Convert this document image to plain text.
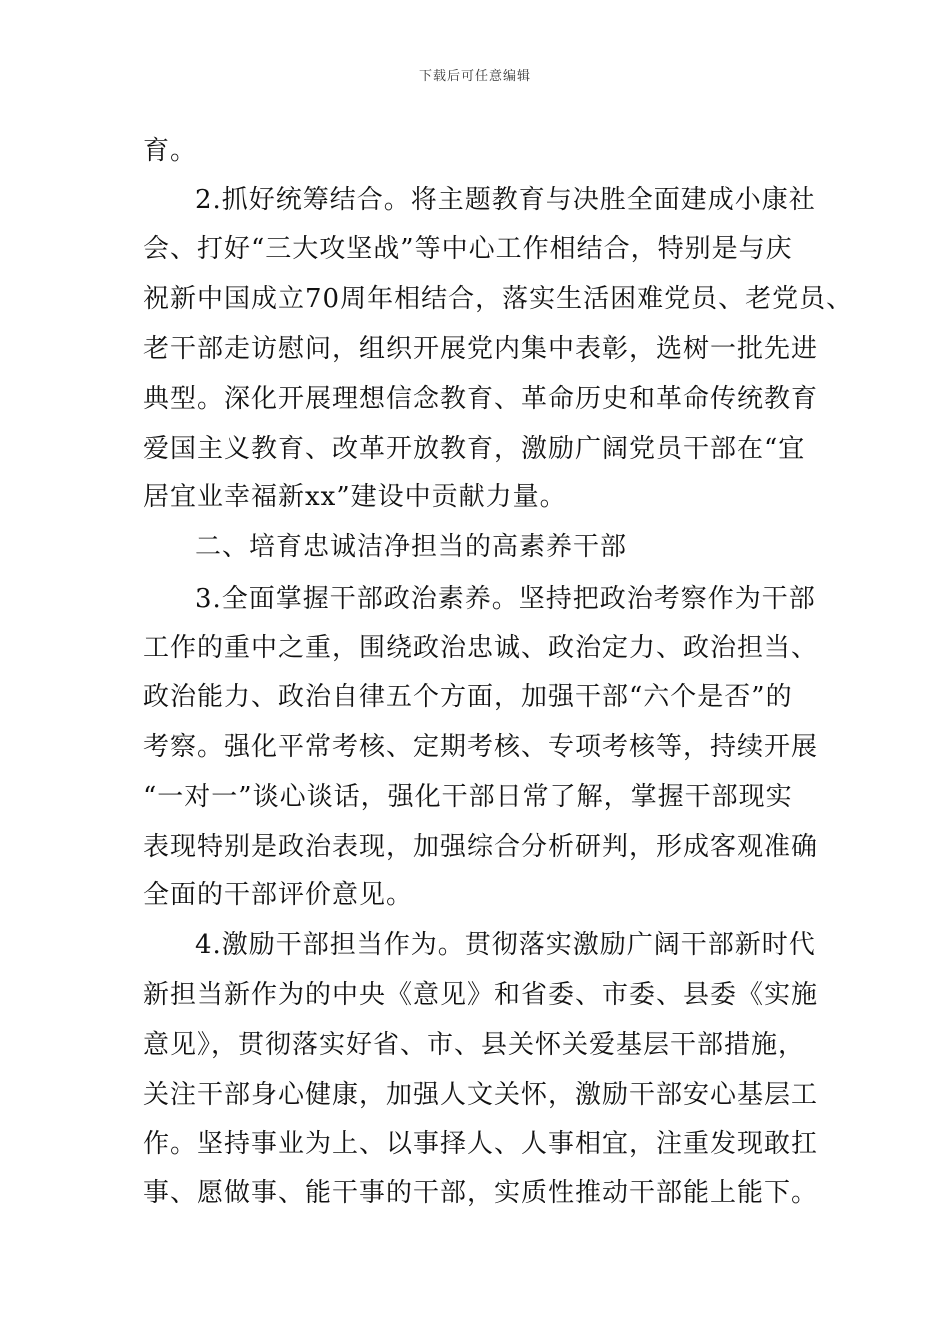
下载后可任意编辑
育。
2.抓好统筹结合。将主题教育与决胜全面建成小康社
会、打好“三大攻坚战”等中心工作相结合，特别是与庆
祝新中国成立70周年相结合，落实生活困难党员、老党员、
老干部走访慰问，组织开展党内集中表彰，选树一批先进
典型。深化开展理想信念教育、革命历史和革命传统教育
爱国主义教育、改革开放教育，激励广阔党员干部在“宜
居宜业幸福新xx”建设中贡献力量。
二、培育忠诚洁净担当的高素养干部
3.全面掌握干部政治素养。坚持把政治考察作为干部
工作的重中之重，围绕政治忠诚、政治定力、政治担当、
政治能力、政治自律五个方面，加强干部“六个是否”的
考察。强化平常考核、定期考核、专项考核等，持续开展
“一对一”谈心谈话，强化干部日常了解，掌握干部现实
表现特别是政治表现，加强综合分析研判，形成客观准确
全面的干部评价意见。
4.激励干部担当作为。贯彻落实激励广阔干部新时代
新担当新作为的中央《意见》和省委、市委、县委《实施
意见》，贯彻落实好省、市、县关怀关爱基层干部措施，
关注干部身心健康，加强人文关怀，激励干部安心基层工
作。坚持事业为上、以事择人、人事相宜，注重发现敢扛
事、愿做事、能干事的干部，实质性推动干部能上能下。
